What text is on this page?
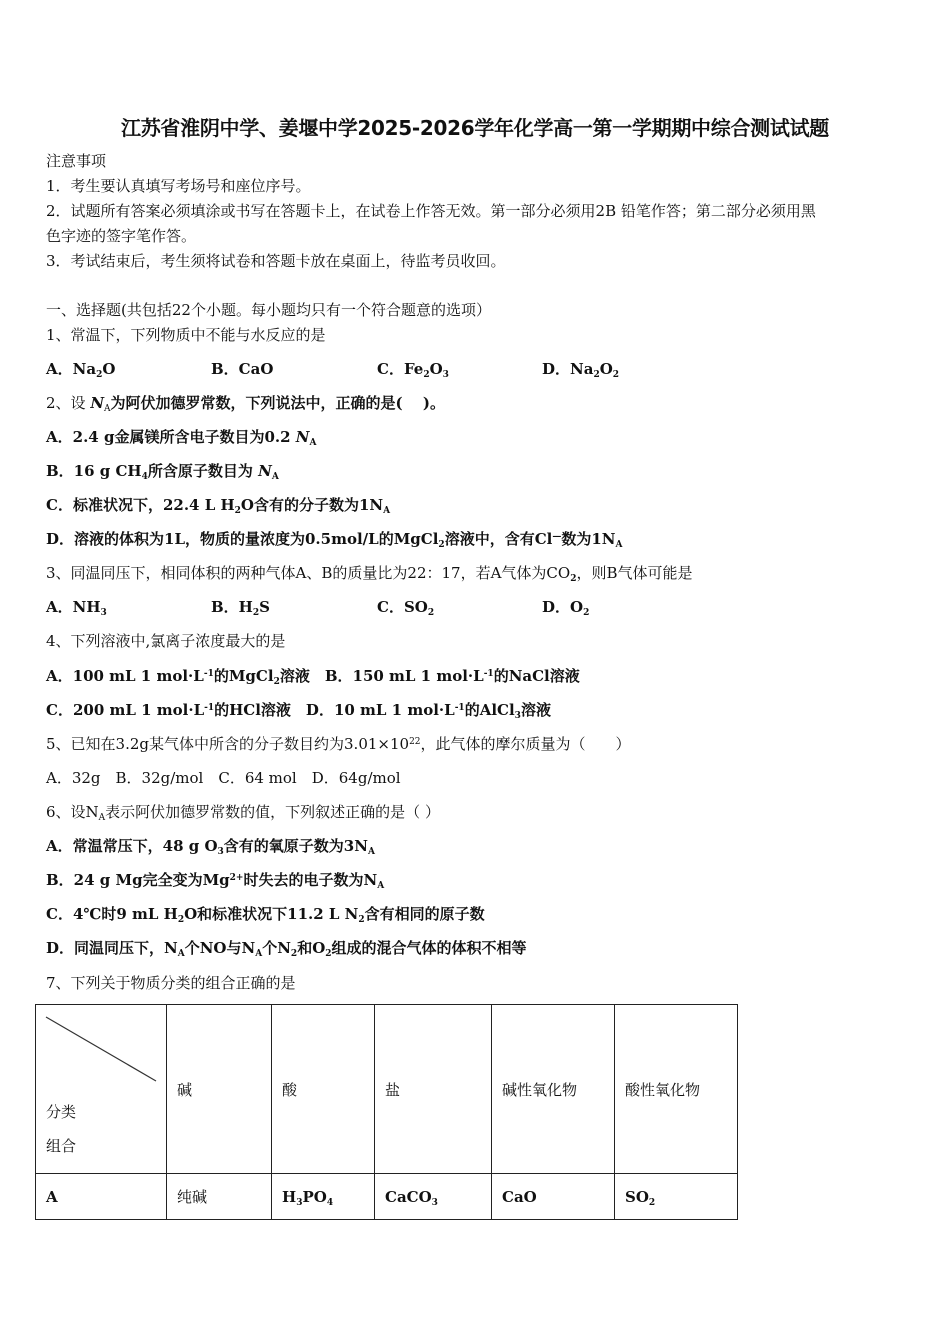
江苏省淮阴中学、姜堰中学2025-2026学年化学高一第一学期期中综合测试试题
注意事项
1．考生要认真填写考场号和座位序号。
2．试题所有答案必须填涂或书写在答题卡上，在试卷上作答无效。第一部分必须用2B 铅笔作答；第二部分必须用黑
色字迹的签字笔作答。
3．考试结束后，考生须将试卷和答题卡放在桌面上，待监考员收回。
一、选择题(共包括22个小题。每小题均只有一个符合题意的选项）
1、常温下，下列物质中不能与水反应的是
A．$Na_2O$	B．CaO	C．$Fe_2O_3$	D．$Na_2O_2$
2、设 $N_A$为阿伏加德罗常数，下列说法中，正确的是(　 )。
A．2.4 g金属镁所含电子数目为0.2 $N_A$
B．16 g $CH_4$所含原子数目为 $N_A$
C．标准状况下，22.4 L $H_2O$含有的分子数为$1N_A$
D．溶液的体积为1L，物质的量浓度为0.5mol/L的MgCl$_2$溶液中，含有Cl—数为$1N_A$
3、同温同压下，相同体积的两种气体A、B的质量比为22：17，若A气体为$CO_2$，则B气体可能是
A．$NH_3$	B．$H_2S$	C．$SO_2$	D．$O_2$
4、下列溶液中,氯离子浓度最大的是
A．100 mL 1 $mol\cdot L^{-1}$的MgCl$_2$溶液　B．150 mL 1 $mol\cdot L^{-1}$的NaCl溶液
C．200 mL 1 $mol\cdot L^{-1}$的HCl溶液　D．10 mL 1 $mol\cdot L^{-1}$的AlCl$_3$溶液
5、已知在3.2g某气体中所含的分子数目约为$3.01\times 10^{22}$，此气体的摩尔质量为（　　）
A．32g　B．32g/mol　C．64 mol　D．64g/mol
6、设$N_A$表示阿伏加德罗常数的值，下列叙述正确的是（ ）
A．常温常压下，48 g $O_3$含有的氧原子数为$3N_A$
B．24 g Mg完全变为$Mg^{2+}$时失去的电子数为$N_A$
C．4℃时9 mL $H_2O$和标准状况下11.2 L $N_2$含有相同的原子数
D．同温同压下，$N_A$个NO与$N_A$个$N_2$和$O_2$组成的混合气体的体积不相等
7、下列关于物质分类的组合正确的是
分类
组合	碱	酸	盐	碱性氧化物	酸性氧化物
A	纯碱	$H_3PO_4$	CaCO$_3$	CaO	$SO_2$
